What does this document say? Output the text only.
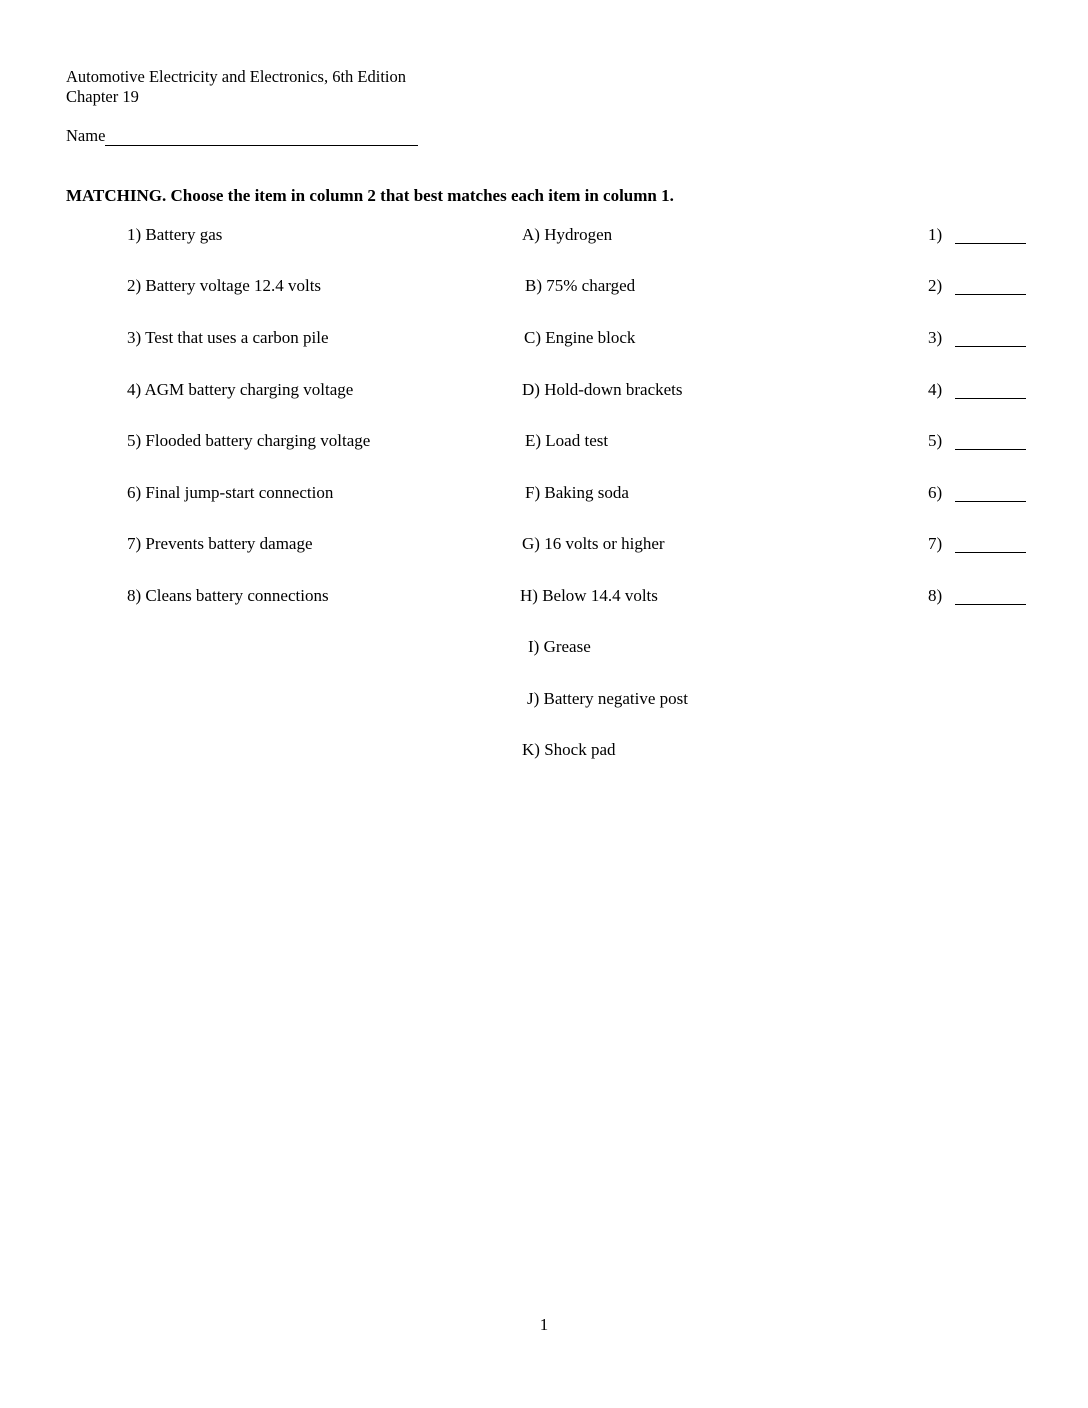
Automotive Electricity and Electronics, 6th Edition
Chapter 19
Name
MATCHING. Choose the item in column 2 that best matches each item in column 1.
1) Battery gas
2) Battery voltage 12.4 volts
3) Test that uses a carbon pile
4) AGM battery charging voltage
5) Flooded battery charging voltage
6) Final jump-start connection
7) Prevents battery damage
8) Cleans battery connections
A) Hydrogen
B) 75% charged
C) Engine block
D) Hold-down brackets
E) Load test
F) Baking soda
G) 16 volts or higher
H) Below 14.4 volts
I) Grease
J) Battery negative post
K) Shock pad
1)
2)
3)
4)
5)
6)
7)
8)
1
